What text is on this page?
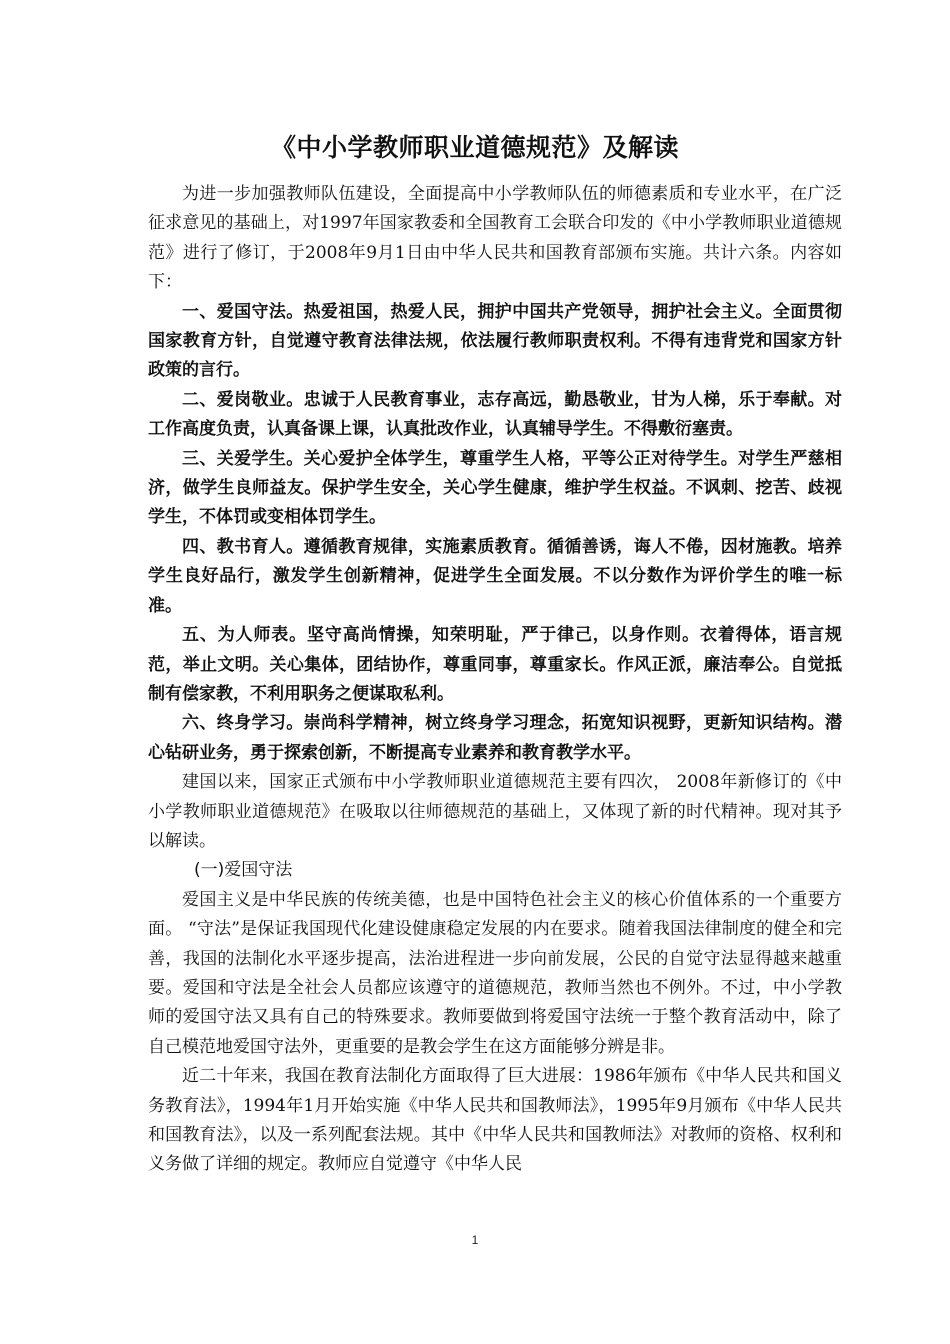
《中小学教师职业道德规范》及解读

为进一步加强教师队伍建设，全面提高中小学教师队伍的师德素质和专业水平，在广泛征求意见的基础上，对1997年国家教委和全国教育工会联合印发的《中小学教师职业道德规范》进行了修订，于2008年9月1日由中华人民共和国教育部颁布实施。共计六条。内容如下：

一、爱国守法。热爱祖国，热爱人民，拥护中国共产党领导，拥护社会主义。全面贯彻国家教育方针，自觉遵守教育法律法规，依法履行教师职责权利。不得有违背党和国家方针政策的言行。

二、爱岗敬业。忠诚于人民教育事业，志存高远，勤恳敬业，甘为人梯，乐于奉献。对工作高度负责，认真备课上课，认真批改作业，认真辅导学生。不得敷衍塞责。

三、关爱学生。关心爱护全体学生，尊重学生人格，平等公正对待学生。对学生严慈相济，做学生良师益友。保护学生安全，关心学生健康，维护学生权益。不讽刺、挖苦、歧视学生，不体罚或变相体罚学生。

四、教书育人。遵循教育规律，实施素质教育。循循善诱，诲人不倦，因材施教。培养学生良好品行，激发学生创新精神，促进学生全面发展。不以分数作为评价学生的唯一标准。

五、为人师表。坚守高尚情操，知荣明耻，严于律己，以身作则。衣着得体，语言规范，举止文明。关心集体，团结协作，尊重同事，尊重家长。作风正派，廉洁奉公。自觉抵制有偿家教，不利用职务之便谋取私利。

六、终身学习。崇尚科学精神，树立终身学习理念，拓宽知识视野，更新知识结构。潜心钻研业务，勇于探索创新，不断提高专业素养和教育教学水平。

建国以来，国家正式颁布中小学教师职业道德规范主要有四次， 2008年新修订的《中小学教师职业道德规范》在吸取以往师德规范的基础上，又体现了新的时代精神。现对其予以解读。

(一)爱国守法

爱国主义是中华民族的传统美德，也是中国特色社会主义的核心价值体系的一个重要方面。 “守法”是保证我国现代化建设健康稳定发展的内在要求。随着我国法律制度的健全和完善，我国的法制化水平逐步提高，法治进程进一步向前发展，公民的自觉守法显得越来越重要。爱国和守法是全社会人员都应该遵守的道德规范，教师当然也不例外。不过，中小学教师的爱国守法又具有自己的特殊要求。教师要做到将爱国守法统一于整个教育活动中，除了自己模范地爱国守法外，更重要的是教会学生在这方面能够分辨是非。

近二十年来，我国在教育法制化方面取得了巨大进展：1986年颁布《中华人民共和国义务教育法》，1994年1月开始实施《中华人民共和国教师法》，1995年9月颁布《中华人民共和国教育法》，以及一系列配套法规。其中《中华人民共和国教师法》对教师的资格、权利和义务做了详细的规定。教师应自觉遵守《中华人民

1
